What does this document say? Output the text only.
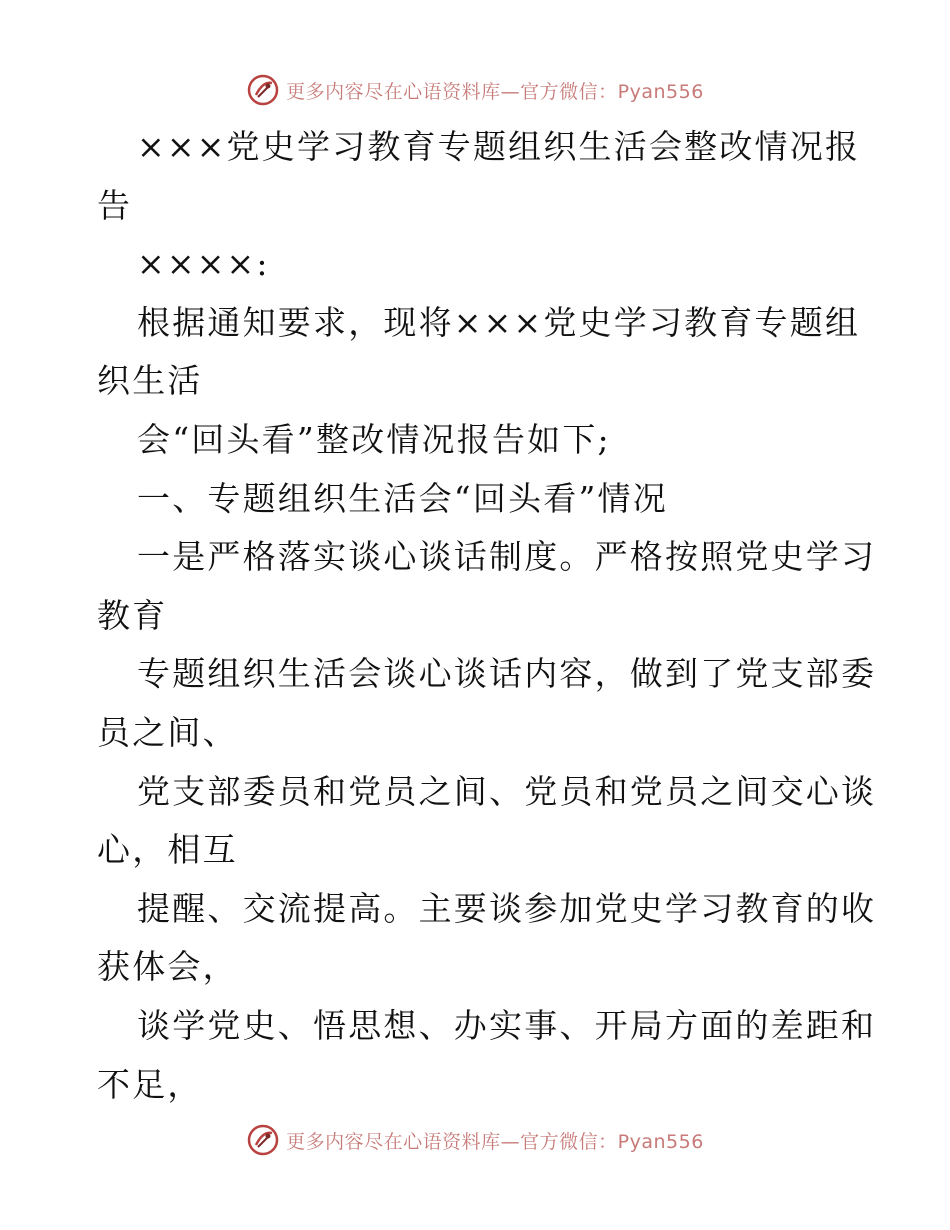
更多内容尽在心语资料库—官方微信：Pyan556
×××党史学习教育专题组织生活会整改情况报
告
××××:
根据通知要求，现将×××党史学习教育专题组
织生活
会“回头看”整改情况报告如下;
一、专题组织生活会“回头看”情况
一是严格落实谈心谈话制度。严格按照党史学习
教育
专题组织生活会谈心谈话内容，做到了党支部委
员之间、
党支部委员和党员之间、党员和党员之间交心谈
心，相互
提醒、交流提高。主要谈参加党史学习教育的收
获体会，
谈学党史、悟思想、办实事、开局方面的差距和
不足，
更多内容尽在心语资料库—官方微信：Pyan556
